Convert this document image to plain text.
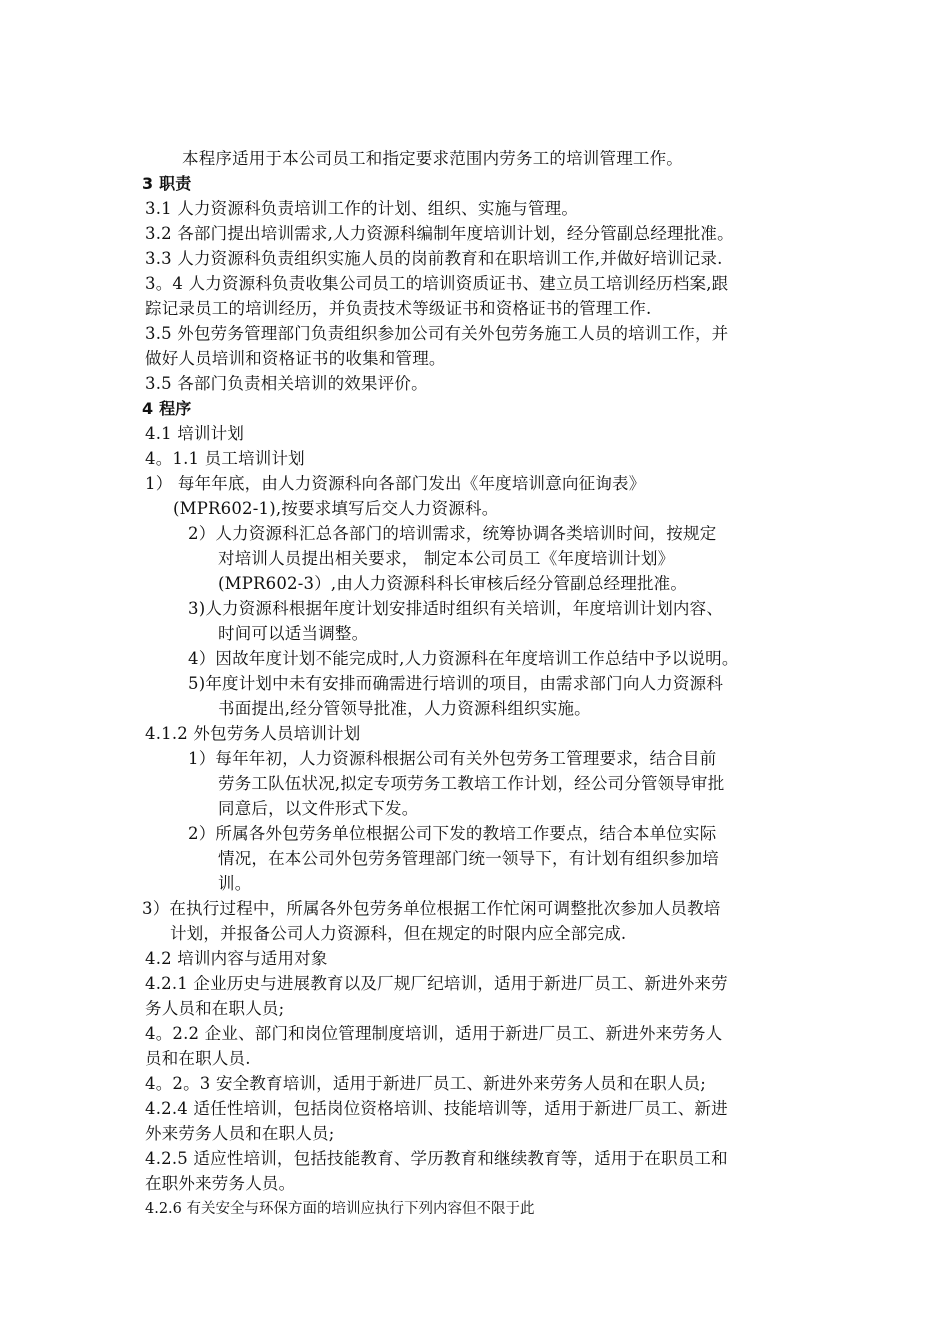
本程序适用于本公司员工和指定要求范围内劳务工的培训管理工作。
3 职责
3.1 人力资源科负责培训工作的计划、组织、实施与管理。
3.2 各部门提出培训需求,人力资源科编制年度培训计划，经分管副总经理批准。
3.3 人力资源科负责组织实施人员的岗前教育和在职培训工作,并做好培训记录.
3。4 人力资源科负责收集公司员工的培训资质证书、建立员工培训经历档案,跟
踪记录员工的培训经历，并负责技术等级证书和资格证书的管理工作.
3.5 外包劳务管理部门负责组织参加公司有关外包劳务施工人员的培训工作，并
做好人员培训和资格证书的收集和管理。
3.5 各部门负责相关培训的效果评价。
4 程序
4.1 培训计划
4。1.1 员工培训计划
1） 每年年底，由人力资源科向各部门发出《年度培训意向征询表》
(MPR602-1),按要求填写后交人力资源科。
2）人力资源科汇总各部门的培训需求，统筹协调各类培训时间，按规定
对培训人员提出相关要求， 制定本公司员工《年度培训计划》
(MPR602-3）,由人力资源科科长审核后经分管副总经理批准。
3)人力资源科根据年度计划安排适时组织有关培训，年度培训计划内容、
时间可以适当调整。
4）因故年度计划不能完成时,人力资源科在年度培训工作总结中予以说明。
5)年度计划中未有安排而确需进行培训的项目，由需求部门向人力资源科
书面提出,经分管领导批准，人力资源科组织实施。
4.1.2 外包劳务人员培训计划
1）每年年初，人力资源科根据公司有关外包劳务工管理要求，结合目前
劳务工队伍状况,拟定专项劳务工教培工作计划，经公司分管领导审批
同意后，以文件形式下发。
2）所属各外包劳务单位根据公司下发的教培工作要点，结合本单位实际
情况，在本公司外包劳务管理部门统一领导下，有计划有组织参加培
训。
3）在执行过程中，所属各外包劳务单位根据工作忙闲可调整批次参加人员教培
计划，并报备公司人力资源科，但在规定的时限内应全部完成.
4.2 培训内容与适用对象
4.2.1 企业历史与进展教育以及厂规厂纪培训，适用于新进厂员工、新进外来劳
务人员和在职人员;
4。2.2 企业、部门和岗位管理制度培训，适用于新进厂员工、新进外来劳务人
员和在职人员.
4。2。3 安全教育培训，适用于新进厂员工、新进外来劳务人员和在职人员;
4.2.4 适任性培训，包括岗位资格培训、技能培训等，适用于新进厂员工、新进
外来劳务人员和在职人员;
4.2.5 适应性培训，包括技能教育、学历教育和继续教育等，适用于在职员工和
在职外来劳务人员。
4.2.6 有关安全与环保方面的培训应执行下列内容但不限于此
